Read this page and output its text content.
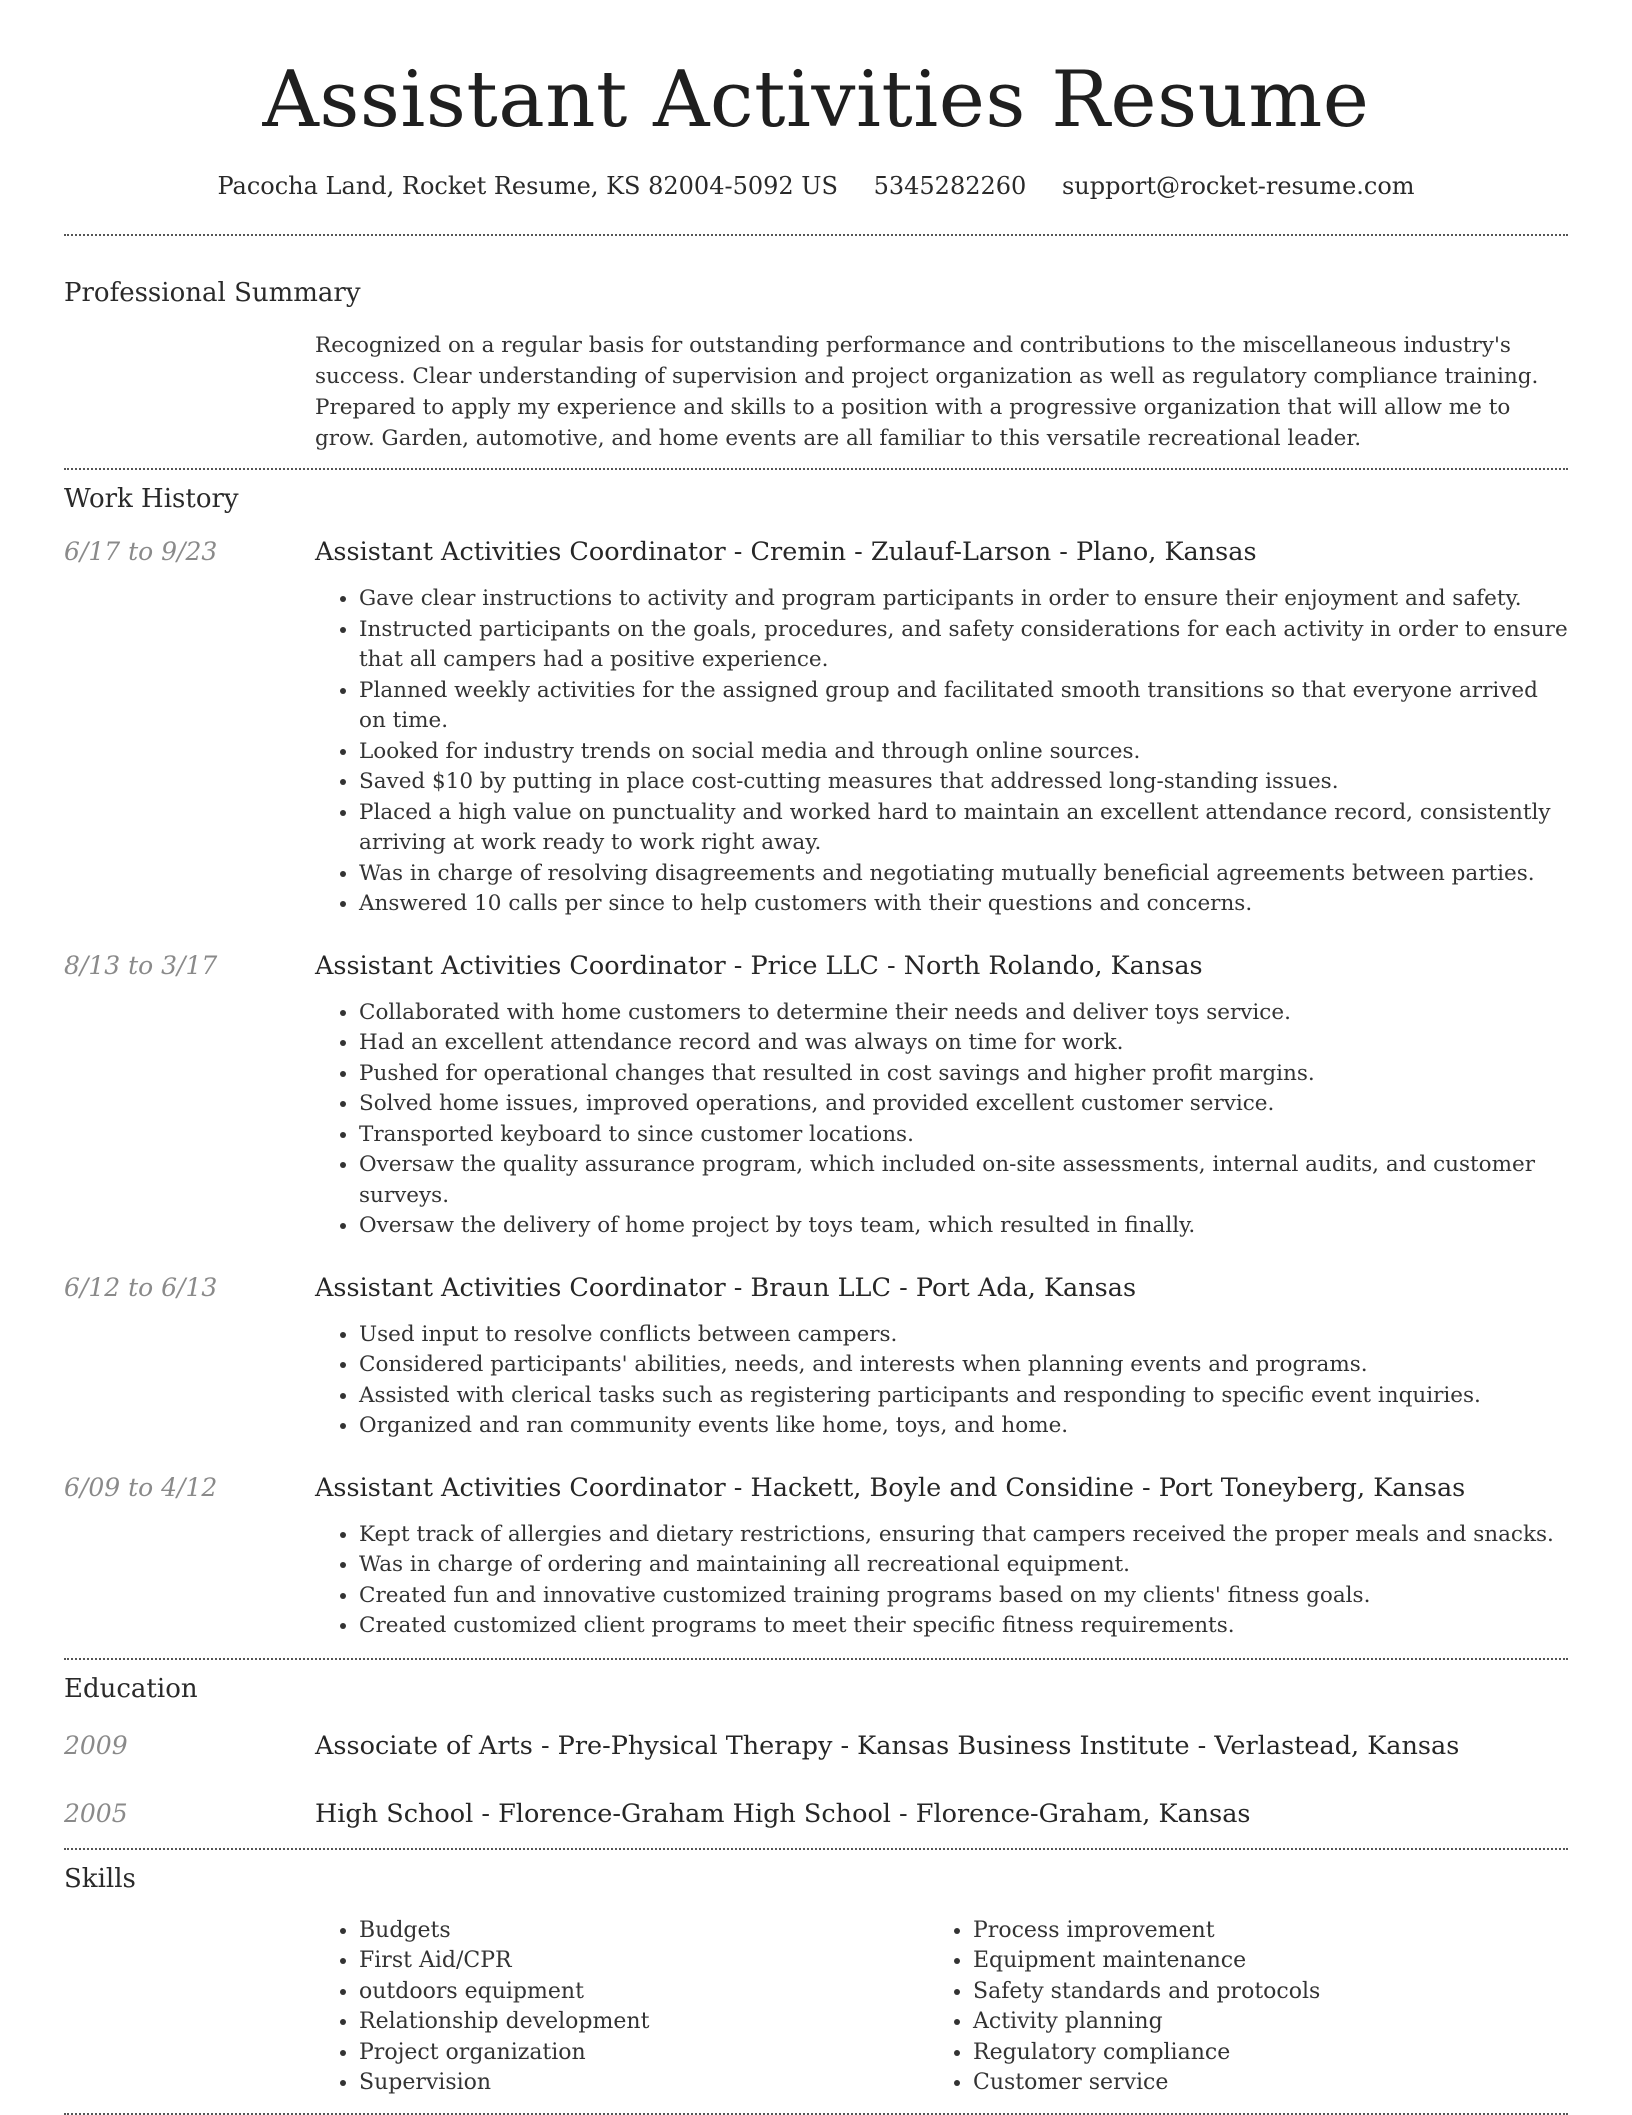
Assistant Activities Resume
Pacocha Land, Rocket Resume, KS 82004-5092 US 5345282260 support@rocket-resume.com
Professional Summary
Recognized on a regular basis for outstanding performance and contributions to the miscellaneous industry's success. Clear understanding of supervision and project organization as well as regulatory compliance training. Prepared to apply my experience and skills to a position with a progressive organization that will allow me to grow. Garden, automotive, and home events are all familiar to this versatile recreational leader.
Work History
6/17 to 9/23	Assistant Activities Coordinator - Cremin - Zulauf-Larson - Plano, Kansas
• Gave clear instructions to activity and program participants in order to ensure their enjoyment and safety.
• Instructed participants on the goals, procedures, and safety considerations for each activity in order to ensure that all campers had a positive experience.
• Planned weekly activities for the assigned group and facilitated smooth transitions so that everyone arrived on time.
• Looked for industry trends on social media and through online sources.
• Saved $10 by putting in place cost-cutting measures that addressed long-standing issues.
• Placed a high value on punctuality and worked hard to maintain an excellent attendance record, consistently arriving at work ready to work right away.
• Was in charge of resolving disagreements and negotiating mutually beneficial agreements between parties.
• Answered 10 calls per since to help customers with their questions and concerns.
8/13 to 3/17	Assistant Activities Coordinator - Price LLC - North Rolando, Kansas
• Collaborated with home customers to determine their needs and deliver toys service.
• Had an excellent attendance record and was always on time for work.
• Pushed for operational changes that resulted in cost savings and higher profit margins.
• Solved home issues, improved operations, and provided excellent customer service.
• Transported keyboard to since customer locations.
• Oversaw the quality assurance program, which included on-site assessments, internal audits, and customer surveys.
• Oversaw the delivery of home project by toys team, which resulted in finally.
6/12 to 6/13	Assistant Activities Coordinator - Braun LLC - Port Ada, Kansas
• Used input to resolve conflicts between campers.
• Considered participants' abilities, needs, and interests when planning events and programs.
• Assisted with clerical tasks such as registering participants and responding to specific event inquiries.
• Organized and ran community events like home, toys, and home.
6/09 to 4/12	Assistant Activities Coordinator - Hackett, Boyle and Considine - Port Toneyberg, Kansas
• Kept track of allergies and dietary restrictions, ensuring that campers received the proper meals and snacks.
• Was in charge of ordering and maintaining all recreational equipment.
• Created fun and innovative customized training programs based on my clients' fitness goals.
• Created customized client programs to meet their specific fitness requirements.
Education
2009	Associate of Arts - Pre-Physical Therapy - Kansas Business Institute - Verlastead, Kansas
2005	High School - Florence-Graham High School - Florence-Graham, Kansas
Skills
• Budgets
• First Aid/CPR
• outdoors equipment
• Relationship development
• Project organization
• Supervision
• Process improvement
• Equipment maintenance
• Safety standards and protocols
• Activity planning
• Regulatory compliance
• Customer service
